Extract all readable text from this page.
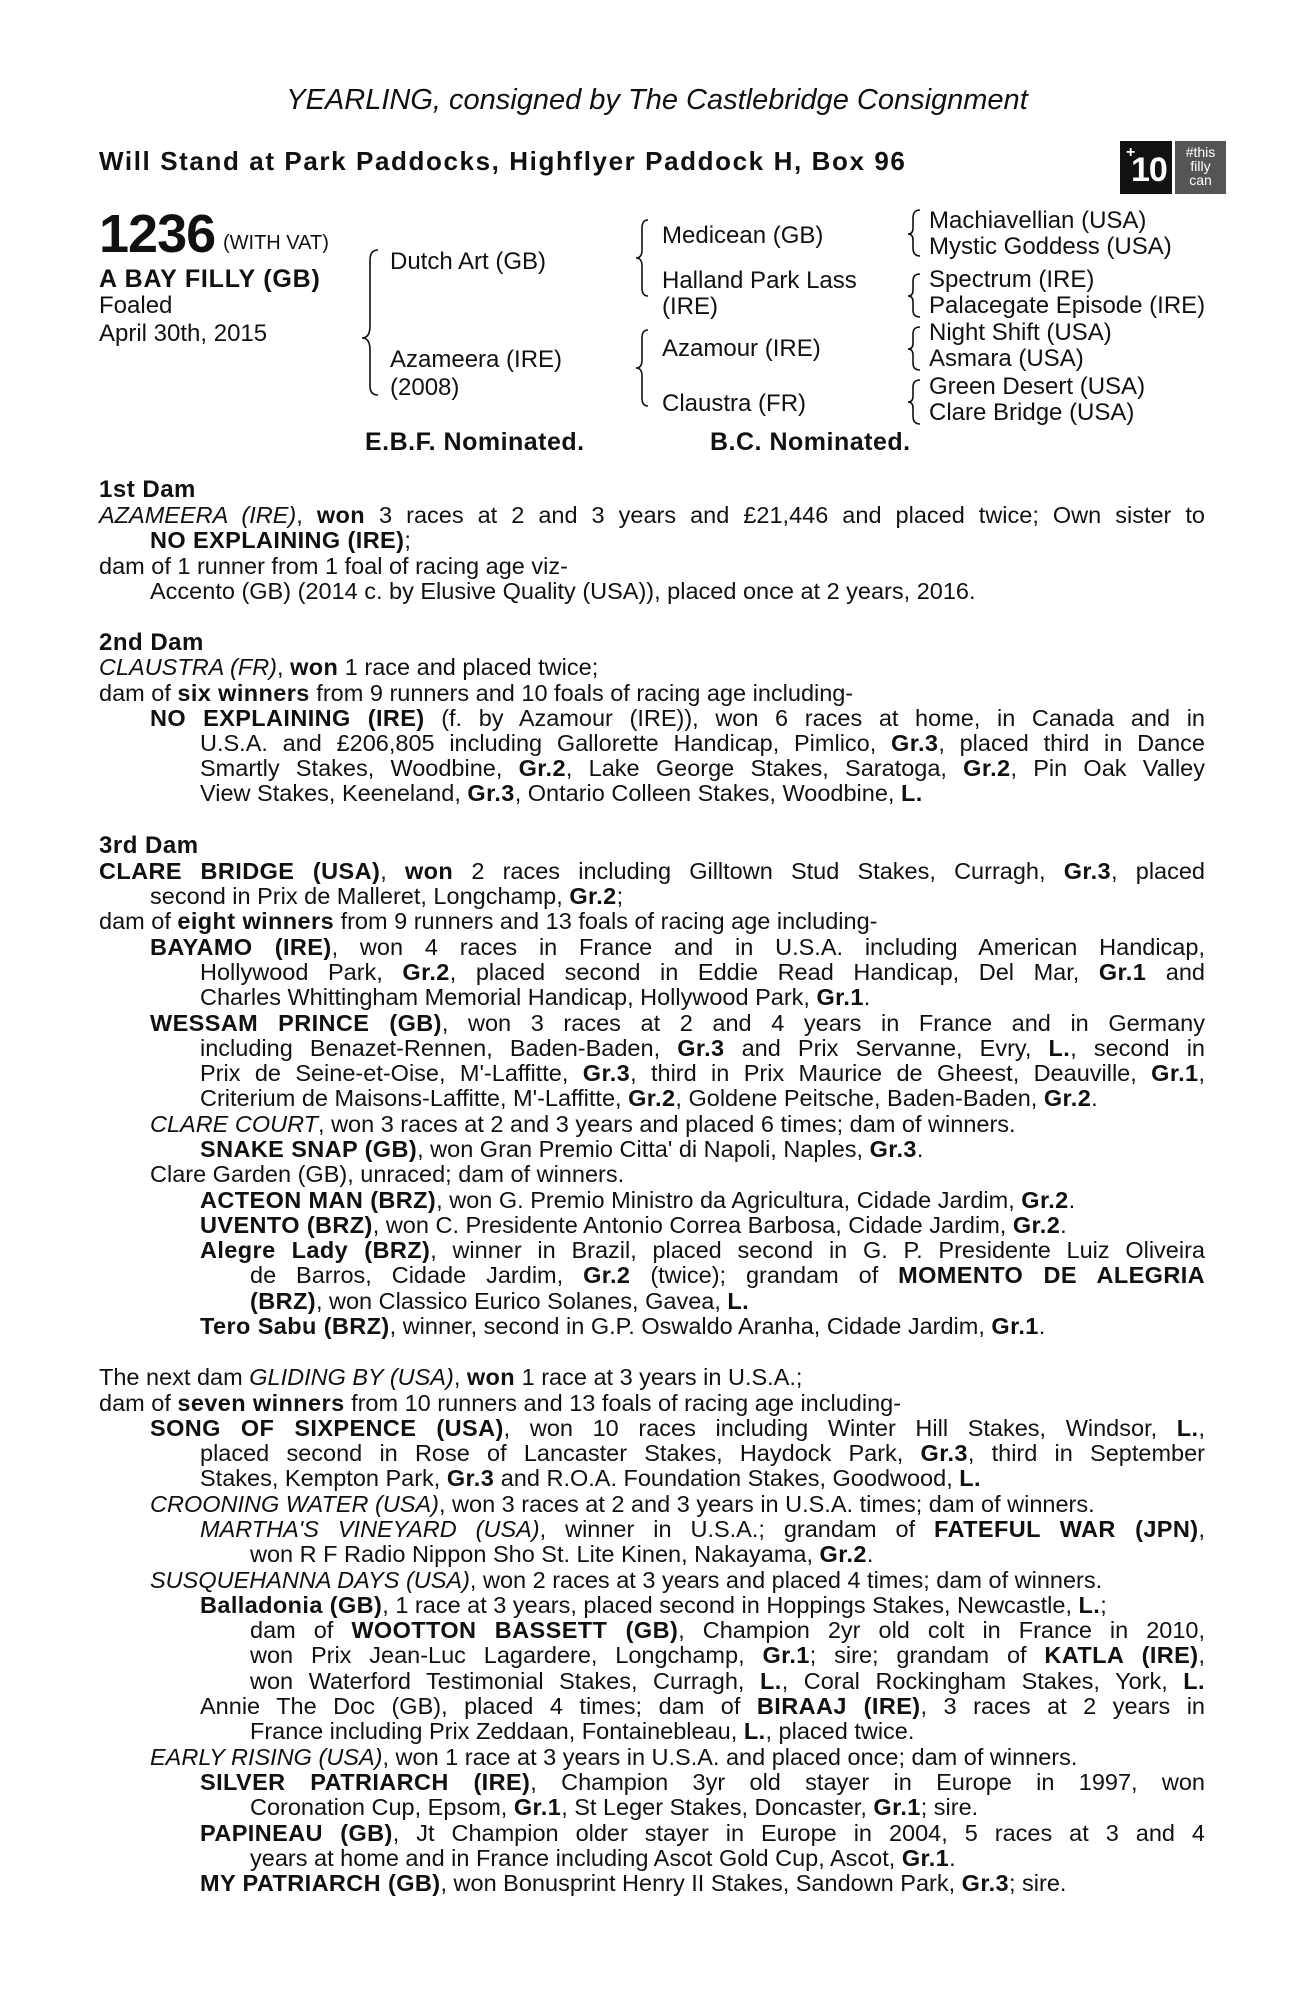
YEARLING, consigned by The Castlebridge Consignment
Will Stand at Park Paddocks, Highflyer Paddock H, Box 96	+
10	#this
filly
can
1236 (WITH VAT)
A BAY FILLY (GB)
Foaled
April 30th, 2015
Dutch Art (GB)
Azameera (IRE)
(2008)
Medicean (GB)
Halland Park Lass
(IRE)
Azamour (IRE)
Claustra (FR)
Machiavellian (USA)
Mystic Goddess (USA)
Spectrum (IRE)
Palacegate Episode (IRE)
Night Shift (USA)
Asmara (USA)
Green Desert (USA)
Clare Bridge (USA)
E.B.F. Nominated.	B.C. Nominated.
1st Dam
AZAMEERA (IRE), won 3 races at 2 and 3 years and £21,446 and placed twice; Own sister to
NO EXPLAINING (IRE);
dam of 1 runner from 1 foal of racing age viz-
Accento (GB) (2014 c. by Elusive Quality (USA)), placed once at 2 years, 2016.
2nd Dam
CLAUSTRA (FR), won 1 race and placed twice;
dam of six winners from 9 runners and 10 foals of racing age including-
NO EXPLAINING (IRE) (f. by Azamour (IRE)), won 6 races at home, in Canada and in
U.S.A. and £206,805 including Gallorette Handicap, Pimlico, Gr.3, placed third in Dance
Smartly Stakes, Woodbine, Gr.2, Lake George Stakes, Saratoga, Gr.2, Pin Oak Valley
View Stakes, Keeneland, Gr.3, Ontario Colleen Stakes, Woodbine, L.
3rd Dam
CLARE BRIDGE (USA), won 2 races including Gilltown Stud Stakes, Curragh, Gr.3, placed
second in Prix de Malleret, Longchamp, Gr.2;
dam of eight winners from 9 runners and 13 foals of racing age including-
BAYAMO (IRE), won 4 races in France and in U.S.A. including American Handicap,
Hollywood Park, Gr.2, placed second in Eddie Read Handicap, Del Mar, Gr.1 and
Charles Whittingham Memorial Handicap, Hollywood Park, Gr.1.
WESSAM PRINCE (GB), won 3 races at 2 and 4 years in France and in Germany
including Benazet-Rennen, Baden-Baden, Gr.3 and Prix Servanne, Evry, L., second in
Prix de Seine-et-Oise, M'-Laffitte, Gr.3, third in Prix Maurice de Gheest, Deauville, Gr.1,
Criterium de Maisons-Laffitte, M'-Laffitte, Gr.2, Goldene Peitsche, Baden-Baden, Gr.2.
CLARE COURT, won 3 races at 2 and 3 years and placed 6 times; dam of winners.
SNAKE SNAP (GB), won Gran Premio Citta' di Napoli, Naples, Gr.3.
Clare Garden (GB), unraced; dam of winners.
ACTEON MAN (BRZ), won G. Premio Ministro da Agricultura, Cidade Jardim, Gr.2.
UVENTO (BRZ), won C. Presidente Antonio Correa Barbosa, Cidade Jardim, Gr.2.
Alegre Lady (BRZ), winner in Brazil, placed second in G. P. Presidente Luiz Oliveira
de Barros, Cidade Jardim, Gr.2 (twice); grandam of MOMENTO DE ALEGRIA
(BRZ), won Classico Eurico Solanes, Gavea, L.
Tero Sabu (BRZ), winner, second in G.P. Oswaldo Aranha, Cidade Jardim, Gr.1.
The next dam GLIDING BY (USA), won 1 race at 3 years in U.S.A.;
dam of seven winners from 10 runners and 13 foals of racing age including-
SONG OF SIXPENCE (USA), won 10 races including Winter Hill Stakes, Windsor, L.,
placed second in Rose of Lancaster Stakes, Haydock Park, Gr.3, third in September
Stakes, Kempton Park, Gr.3 and R.O.A. Foundation Stakes, Goodwood, L.
CROONING WATER (USA), won 3 races at 2 and 3 years in U.S.A. times; dam of winners.
MARTHA'S VINEYARD (USA), winner in U.S.A.; grandam of FATEFUL WAR (JPN),
won R F Radio Nippon Sho St. Lite Kinen, Nakayama, Gr.2.
SUSQUEHANNA DAYS (USA), won 2 races at 3 years and placed 4 times; dam of winners.
Balladonia (GB), 1 race at 3 years, placed second in Hoppings Stakes, Newcastle, L.;
dam of WOOTTON BASSETT (GB), Champion 2yr old colt in France in 2010,
won Prix Jean-Luc Lagardere, Longchamp, Gr.1; sire; grandam of KATLA (IRE),
won Waterford Testimonial Stakes, Curragh, L., Coral Rockingham Stakes, York, L.
Annie The Doc (GB), placed 4 times; dam of BIRAAJ (IRE), 3 races at 2 years in
France including Prix Zeddaan, Fontainebleau, L., placed twice.
EARLY RISING (USA), won 1 race at 3 years in U.S.A. and placed once; dam of winners.
SILVER PATRIARCH (IRE), Champion 3yr old stayer in Europe in 1997, won
Coronation Cup, Epsom, Gr.1, St Leger Stakes, Doncaster, Gr.1; sire.
PAPINEAU (GB), Jt Champion older stayer in Europe in 2004, 5 races at 3 and 4
years at home and in France including Ascot Gold Cup, Ascot, Gr.1.
MY PATRIARCH (GB), won Bonusprint Henry II Stakes, Sandown Park, Gr.3; sire.
